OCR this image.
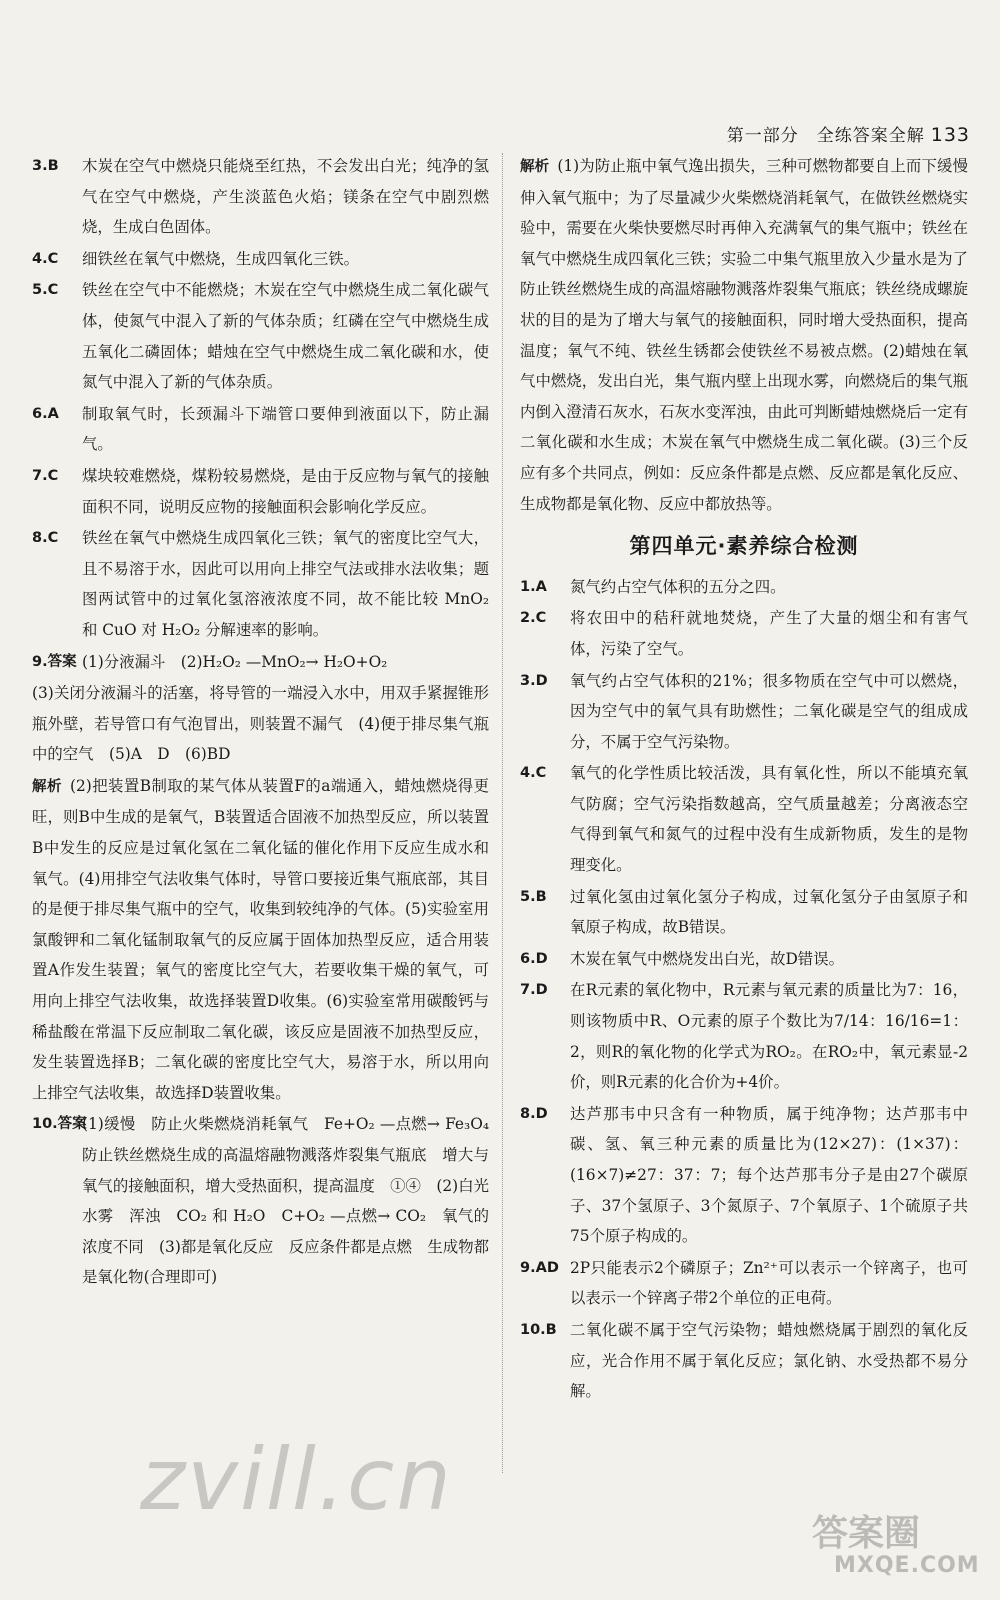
第一部分　全练答案全解 133
3.B 木炭在空气中燃烧只能烧至红热，不会发出白光；纯净的氢气在空气中燃烧，产生淡蓝色火焰；镁条在空气中剧烈燃烧，生成白色固体。
4.C 细铁丝在氧气中燃烧，生成四氧化三铁。
5.C 铁丝在空气中不能燃烧；木炭在空气中燃烧生成二氧化碳气体，使氮气中混入了新的气体杂质；红磷在空气中燃烧生成五氧化二磷固体；蜡烛在空气中燃烧生成二氧化碳和水，使氮气中混入了新的气体杂质。
6.A 制取氧气时，长颈漏斗下端管口要伸到液面以下，防止漏气。
7.C 煤块较难燃烧，煤粉较易燃烧，是由于反应物与氧气的接触面积不同，说明反应物的接触面积会影响化学反应。
8.C 铁丝在氧气中燃烧生成四氧化三铁；氧气的密度比空气大，且不易溶于水，因此可以用向上排空气法或排水法收集；题图两试管中的过氧化氢溶液浓度不同，故不能比较 MnO₂ 和 CuO 对 H₂O₂ 分解速率的影响。
9.答案 (1)分液漏斗　(2)H₂O₂ —MnO₂→ H₂O+O₂
(3)关闭分液漏斗的活塞，将导管的一端浸入水中，用双手紧握锥形瓶外壁，若导管口有气泡冒出，则装置不漏气　(4)便于排尽集气瓶中的空气　(5)A　D　(6)BD
解析 (2)把装置B制取的某气体从装置F的a端通入，蜡烛燃烧得更旺，则B中生成的是氧气，B装置适合固液不加热型反应，所以装置B中发生的反应是过氧化氢在二氧化锰的催化作用下反应生成水和氧气。(4)用排空气法收集气体时，导管口要接近集气瓶底部，其目的是便于排尽集气瓶中的空气，收集到较纯净的气体。(5)实验室用氯酸钾和二氧化锰制取氧气的反应属于固体加热型反应，适合用装置A作发生装置；氧气的密度比空气大，若要收集干燥的氧气，可用向上排空气法收集，故选择装置D收集。(6)实验室常用碳酸钙与稀盐酸在常温下反应制取二氧化碳，该反应是固液不加热型反应，发生装置选择B；二氧化碳的密度比空气大，易溶于水，所以用向上排空气法收集，故选择D装置收集。
10.答案
(1)缓慢　防止火柴燃烧消耗氧气　Fe+O₂ —点燃→ Fe₃O₄　防止铁丝燃烧生成的高温熔融物溅落炸裂集气瓶底　增大与氧气的接触面积，增大受热面积，提高温度　①④　(2)白光　水雾　浑浊　CO₂ 和 H₂O　C+O₂ —点燃→ CO₂　氧气的浓度不同　(3)都是氧化反应　反应条件都是点燃　生成物都是氧化物(合理即可)
解析 (1)为防止瓶中氧气逸出损失，三种可燃物都要自上而下缓慢伸入氧气瓶中；为了尽量减少火柴燃烧消耗氧气，在做铁丝燃烧实验中，需要在火柴快要燃尽时再伸入充满氧气的集气瓶中；铁丝在氧气中燃烧生成四氧化三铁；实验二中集气瓶里放入少量水是为了防止铁丝燃烧生成的高温熔融物溅落炸裂集气瓶底；铁丝绕成螺旋状的目的是为了增大与氧气的接触面积，同时增大受热面积，提高温度；氧气不纯、铁丝生锈都会使铁丝不易被点燃。(2)蜡烛在氧气中燃烧，发出白光，集气瓶内壁上出现水雾，向燃烧后的集气瓶内倒入澄清石灰水，石灰水变浑浊，由此可判断蜡烛燃烧后一定有二氧化碳和水生成；木炭在氧气中燃烧生成二氧化碳。(3)三个反应有多个共同点，例如：反应条件都是点燃、反应都是氧化反应、生成物都是氧化物、反应中都放热等。
第四单元·素养综合检测
1.A 氮气约占空气体积的五分之四。
2.C 将农田中的秸秆就地焚烧，产生了大量的烟尘和有害气体，污染了空气。
3.D 氧气约占空气体积的21%；很多物质在空气中可以燃烧，因为空气中的氧气具有助燃性；二氧化碳是空气的组成成分，不属于空气污染物。
4.C 氧气的化学性质比较活泼，具有氧化性，所以不能填充氧气防腐；空气污染指数越高，空气质量越差；分离液态空气得到氧气和氮气的过程中没有生成新物质，发生的是物理变化。
5.B 过氧化氢由过氧化氢分子构成，过氧化氢分子由氢原子和氧原子构成，故B错误。
6.D 木炭在氧气中燃烧发出白光，故D错误。
7.D 在R元素的氧化物中，R元素与氧元素的质量比为7：16，则该物质中R、O元素的原子个数比为7/14：16/16=1：2，则R的氧化物的化学式为RO₂。在RO₂中，氧元素显-2价，则R元素的化合价为+4价。
8.D 达芦那韦中只含有一种物质，属于纯净物；达芦那韦中碳、氢、氧三种元素的质量比为(12×27)：(1×37)：(16×7)≠27：37：7；每个达芦那韦分子是由27个碳原子、37个氢原子、3个氮原子、7个氧原子、1个硫原子共75个原子构成的。
9.AD 2P只能表示2个磷原子；Zn²⁺可以表示一个锌离子，也可以表示一个锌离子带2个单位的正电荷。
10.B 二氧化碳不属于空气污染物；蜡烛燃烧属于剧烈的氧化反应，光合作用不属于氧化反应；氯化钠、水受热都不易分解。
zvill.cn
答案圈
MXQE.COM
